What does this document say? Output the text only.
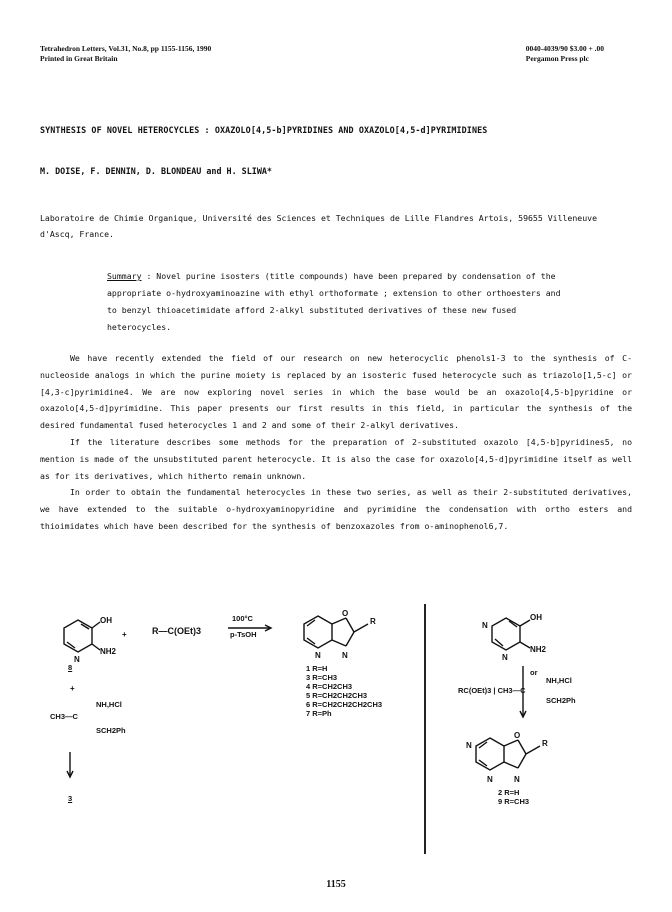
Tetrahedron Letters, Vol.31, No.8, pp 1155-1156, 1990
Printed in Great Britain
0040-4039/90 $3.00 + .00
Pergamon Press plc
SYNTHESIS OF NOVEL HETEROCYCLES : OXAZOLO[4,5-b]PYRIDINES AND OXAZOLO[4,5-d]PYRIMIDINES
M. DOISE, F. DENNIN, D. BLONDEAU and H. SLIWA*
Laboratoire de Chimie Organique, Université des Sciences et Techniques de Lille Flandres Artois, 59655 Villeneuve d'Ascq, France.
Summary : Novel purine isosters (title compounds) have been prepared by condensation of the appropriate o-hydroxyaminoazine with ethyl orthoformate ; extension to other orthoesters and to benzyl thioacetimidate afford 2-alkyl substituted derivatives of these new fused heterocycles.

We have recently extended the field of our research on new heterocyclic phenols1-3 to the synthesis of C-nucleoside analogs in which the purine moiety is replaced by an isosteric fused heterocycle such as triazolo[1,5-c] or [4,3-c]pyrimidine4. We are now exploring novel series in which the base would be an oxazolo[4,5-b]pyridine or oxazolo[4,5-d]pyrimidine. This paper presents our first results in this field, in particular the synthesis of the desired fundamental fused heterocycles 1 and 2 and some of their 2-alkyl derivatives.

If the literature describes some methods for the preparation of 2-substituted oxazolo [4,5-b]pyridines5, no mention is made of the unsubstituted parent heterocycle. It is also the case for oxazolo[4,5-d]pyrimidine itself as well as for its derivatives, which hitherto remain unknown.

In order to obtain the fundamental heterocycles in these two series, as well as their 2-substituted derivatives, we have extended to the suitable o-hydroxyaminopyridine and pyrimidine the condensation with ortho esters and thioimidates which have been described for the synthesis of benzoxazoles from o-aminophenol6,7.

OH
NH2
N
+	R—C(OEt)3
100°C
p-TsOH
8
+
NH,HCl
CH3—C
SCH2Ph
3
O
R
N	N
1 R=H
3 R=CH3
4 R=CH2CH3
5 R=CH2CH2CH3
6 R=CH2CH2CH2CH3
7 R=Ph
OH
NH2
N
N
or
RC(OEt)3 | CH3—C
NH,HCl
SCH2Ph
O
R
N
N	N
2 R=H
9 R=CH3
1155
